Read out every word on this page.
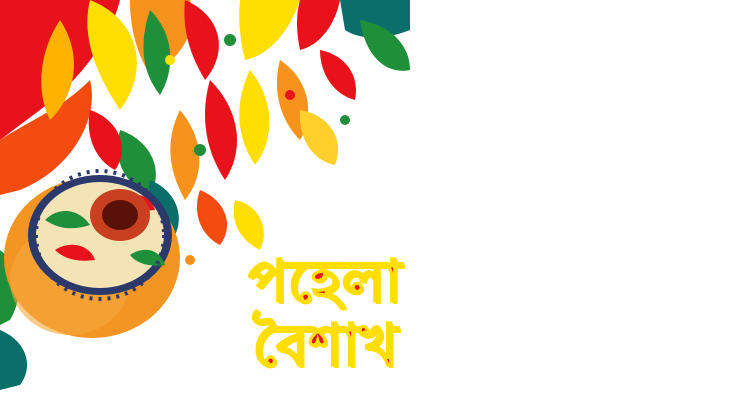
পহেলা
বৈশাখ
